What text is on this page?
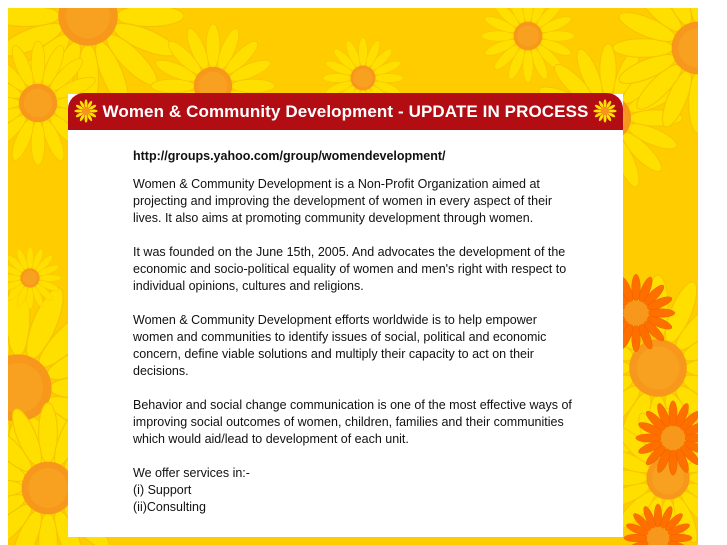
Women & Community Development - UPDATE IN PROCESS
http://groups.yahoo.com/group/womendevelopment/

Women & Community Development is a Non-Profit Organization aimed at projecting and improving the development of women in every aspect of their lives. It also aims at promoting community development through women.

It was founded on the June 15th, 2005. And advocates the development of the economic and socio-political equality of women and men's right with respect to individual opinions, cultures and religions.

Women & Community Development efforts worldwide is to help empower women and communities to identify issues of social, political and economic concern, define viable solutions and multiply their capacity to act on their decisions.

Behavior and social change communication is one of the most effective ways of improving social outcomes of women, children, families and their communities which would aid/lead to development of each unit.

We offer services in:-
(i) Support
(ii)Consulting
